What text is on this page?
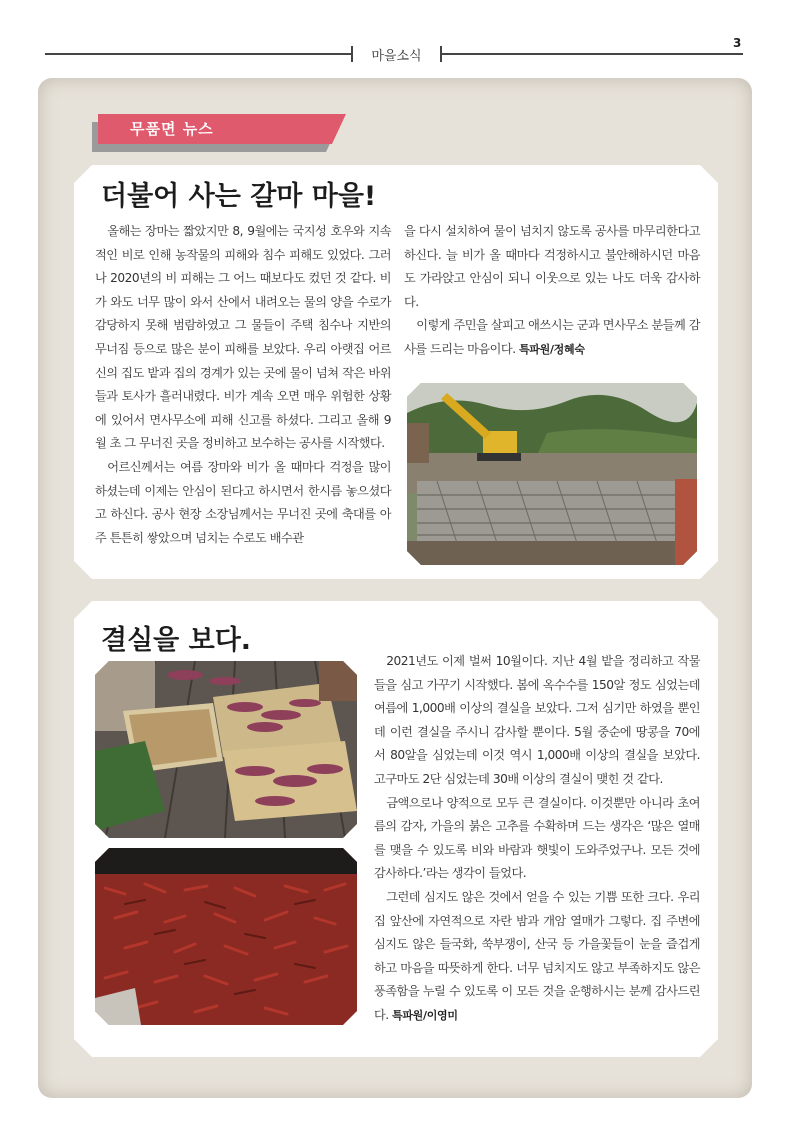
마을소식
3
무품면 뉴스
더불어 사는 갈마 마을!

올해는 장마는 짧았지만 8, 9월에는 국지성 호우와 지속적인 비로 인해 농작물의 피해와 침수 피해도 있었다. 그러나 2020년의 비 피해는 그 어느 때보다도 컸던 것 같다. 비가 와도 너무 많이 와서 산에서 내려오는 물의 양을 수로가 감당하지 못해 범람하였고 그 물들이 주택 침수나 지반의 무너짐 등으로 많은 분이 피해를 보았다. 우리 아랫집 어르신의 집도 밭과 집의 경계가 있는 곳에 물이 넘쳐 작은 바위들과 토사가 흘러내렸다. 비가 계속 오면 매우 위험한 상황에 있어서 면사무소에 피해 신고를 하셨다. 그리고 올해 9월 초 그 무너진 곳을 정비하고 보수하는 공사를 시작했다.

어르신께서는 여름 장마와 비가 올 때마다 걱정을 많이 하셨는데 이제는 안심이 된다고 하시면서 한시름 놓으셨다고 하신다. 공사 현장 소장님께서는 무너진 곳에 축대를 아주 튼튼히 쌓았으며 넘치는 수로도 배수관

을 다시 설치하여 물이 넘치지 않도록 공사를 마무리한다고 하신다. 늘 비가 올 때마다 걱정하시고 불안해하시던 마음도 가라앉고 안심이 되니 이웃으로 있는 나도 더욱 감사하다.

이렇게 주민을 살피고 애쓰시는 군과 면사무소 분들께 감사를 드리는 마음이다. 특파원/정혜숙

결실을 보다.

2021년도 이제 벌써 10월이다. 지난 4월 밭을 정리하고 작물들을 심고 가꾸기 시작했다. 봄에 옥수수를 150알 정도 심었는데 여름에 1,000배 이상의 결실을 보았다. 그저 심기만 하였을 뿐인데 이런 결실을 주시니 감사할 뿐이다. 5월 중순에 땅콩을 70에서 80알을 심었는데 이것 역시 1,000배 이상의 결실을 보았다. 고구마도 2단 심었는데 30배 이상의 결실이 맺힌 것 같다.

금액으로나 양적으로 모두 큰 결실이다. 이것뿐만 아니라 초여름의 감자, 가을의 붉은 고추를 수확하며 드는 생각은 ‘많은 열매를 맺을 수 있도록 비와 바람과 햇빛이 도와주었구나. 모든 것에 감사하다.’라는 생각이 들었다.

그런데 심지도 않은 것에서 얻을 수 있는 기쁨 또한 크다. 우리 집 앞산에 자연적으로 자란 밤과 개암 열매가 그렇다. 집 주변에 심지도 않은 들국화, 쑥부쟁이, 산국 등 가을꽃들이 눈을 즐겁게 하고 마음을 따뜻하게 한다. 너무 넘치지도 않고 부족하지도 않은 풍족함을 누릴 수 있도록 이 모든 것을 운행하시는 분께 감사드린다. 특파원/이영미
